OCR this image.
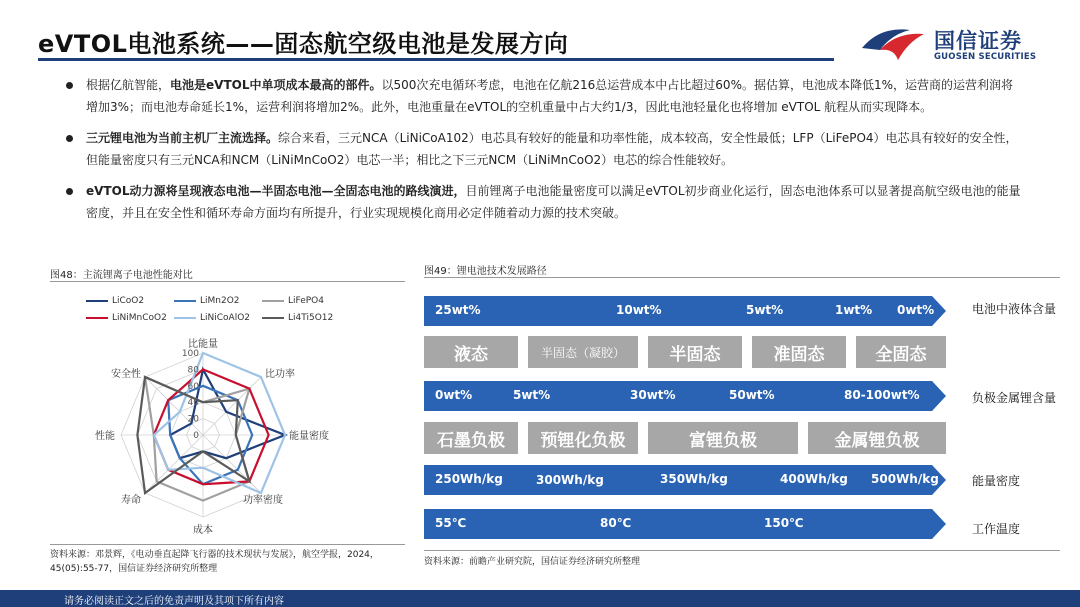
eVTOL电池系统——固态航空级电池是发展方向	国信证券
GUOSEN SECURITIES
根据亿航智能，电池是eVTOL中单项成本最高的部件。以500次充电循环考虑，电池在亿航216总运营成本中占比超过60%。据估算，电池成本降低1%，运营商的运营利润将增加3%；而电池寿命延长1%，运营利润将增加2%。此外，电池重量在eVTOL的空机重量中占大约1/3，因此电池轻量化也将增加 eVTOL 航程从而实现降本。
三元锂电池为当前主机厂主流选择。综合来看，三元NCA（LiNiCoA102）电芯具有较好的能量和功率性能，成本较高，安全性最低；LFP（LiFePO4）电芯具有较好的安全性，但能量密度只有三元NCA和NCM（LiNiMnCoO2）电芯一半；相比之下三元NCM（LiNiMnCoO2）电芯的综合性能较好。
eVTOL动力源将呈现液态电池—半固态电池—全固态电池的路线演进，目前锂离子电池能量密度可以满足eVTOL初步商业化运行，固态电池体系可以显著提高航空级电池的能量密度，并且在安全性和循环寿命方面均有所提升，行业实现规模化商用必定伴随着动力源的技术突破。
图48：主流锂离子电池性能对比
LiCoO2	LiMn2O2	LiFePO4
LiNiMnCoO2	LiNiCoAlO2	Li4Ti5O12
0
20
40
60
80
100
比能量
比功率
能量密度
功率密度
成本
寿命
性能
安全性
资料来源：邓景辉，《电动垂直起降飞行器的技术现状与发展》，航空学报，2024，45(05):55-77，国信证券经济研究所整理
图49：锂电池技术发展路径
25wt%	10wt%	5wt%	1wt% 0wt%	电池中液体含量
液态	半固态（凝胶）	半固态	准固态	全固态
0wt%	5wt%	30wt%	50wt%	80-100wt%	负极金属锂含量
石墨负极	预锂化负极	富锂负极	金属锂负极
250Wh/kg	300Wh/kg	350Wh/kg	400Wh/kg 500Wh/kg	能量密度
55℃	80℃	150℃	工作温度
资料来源：前瞻产业研究院，国信证券经济研究所整理
请务必阅读正文之后的免责声明及其项下所有内容
